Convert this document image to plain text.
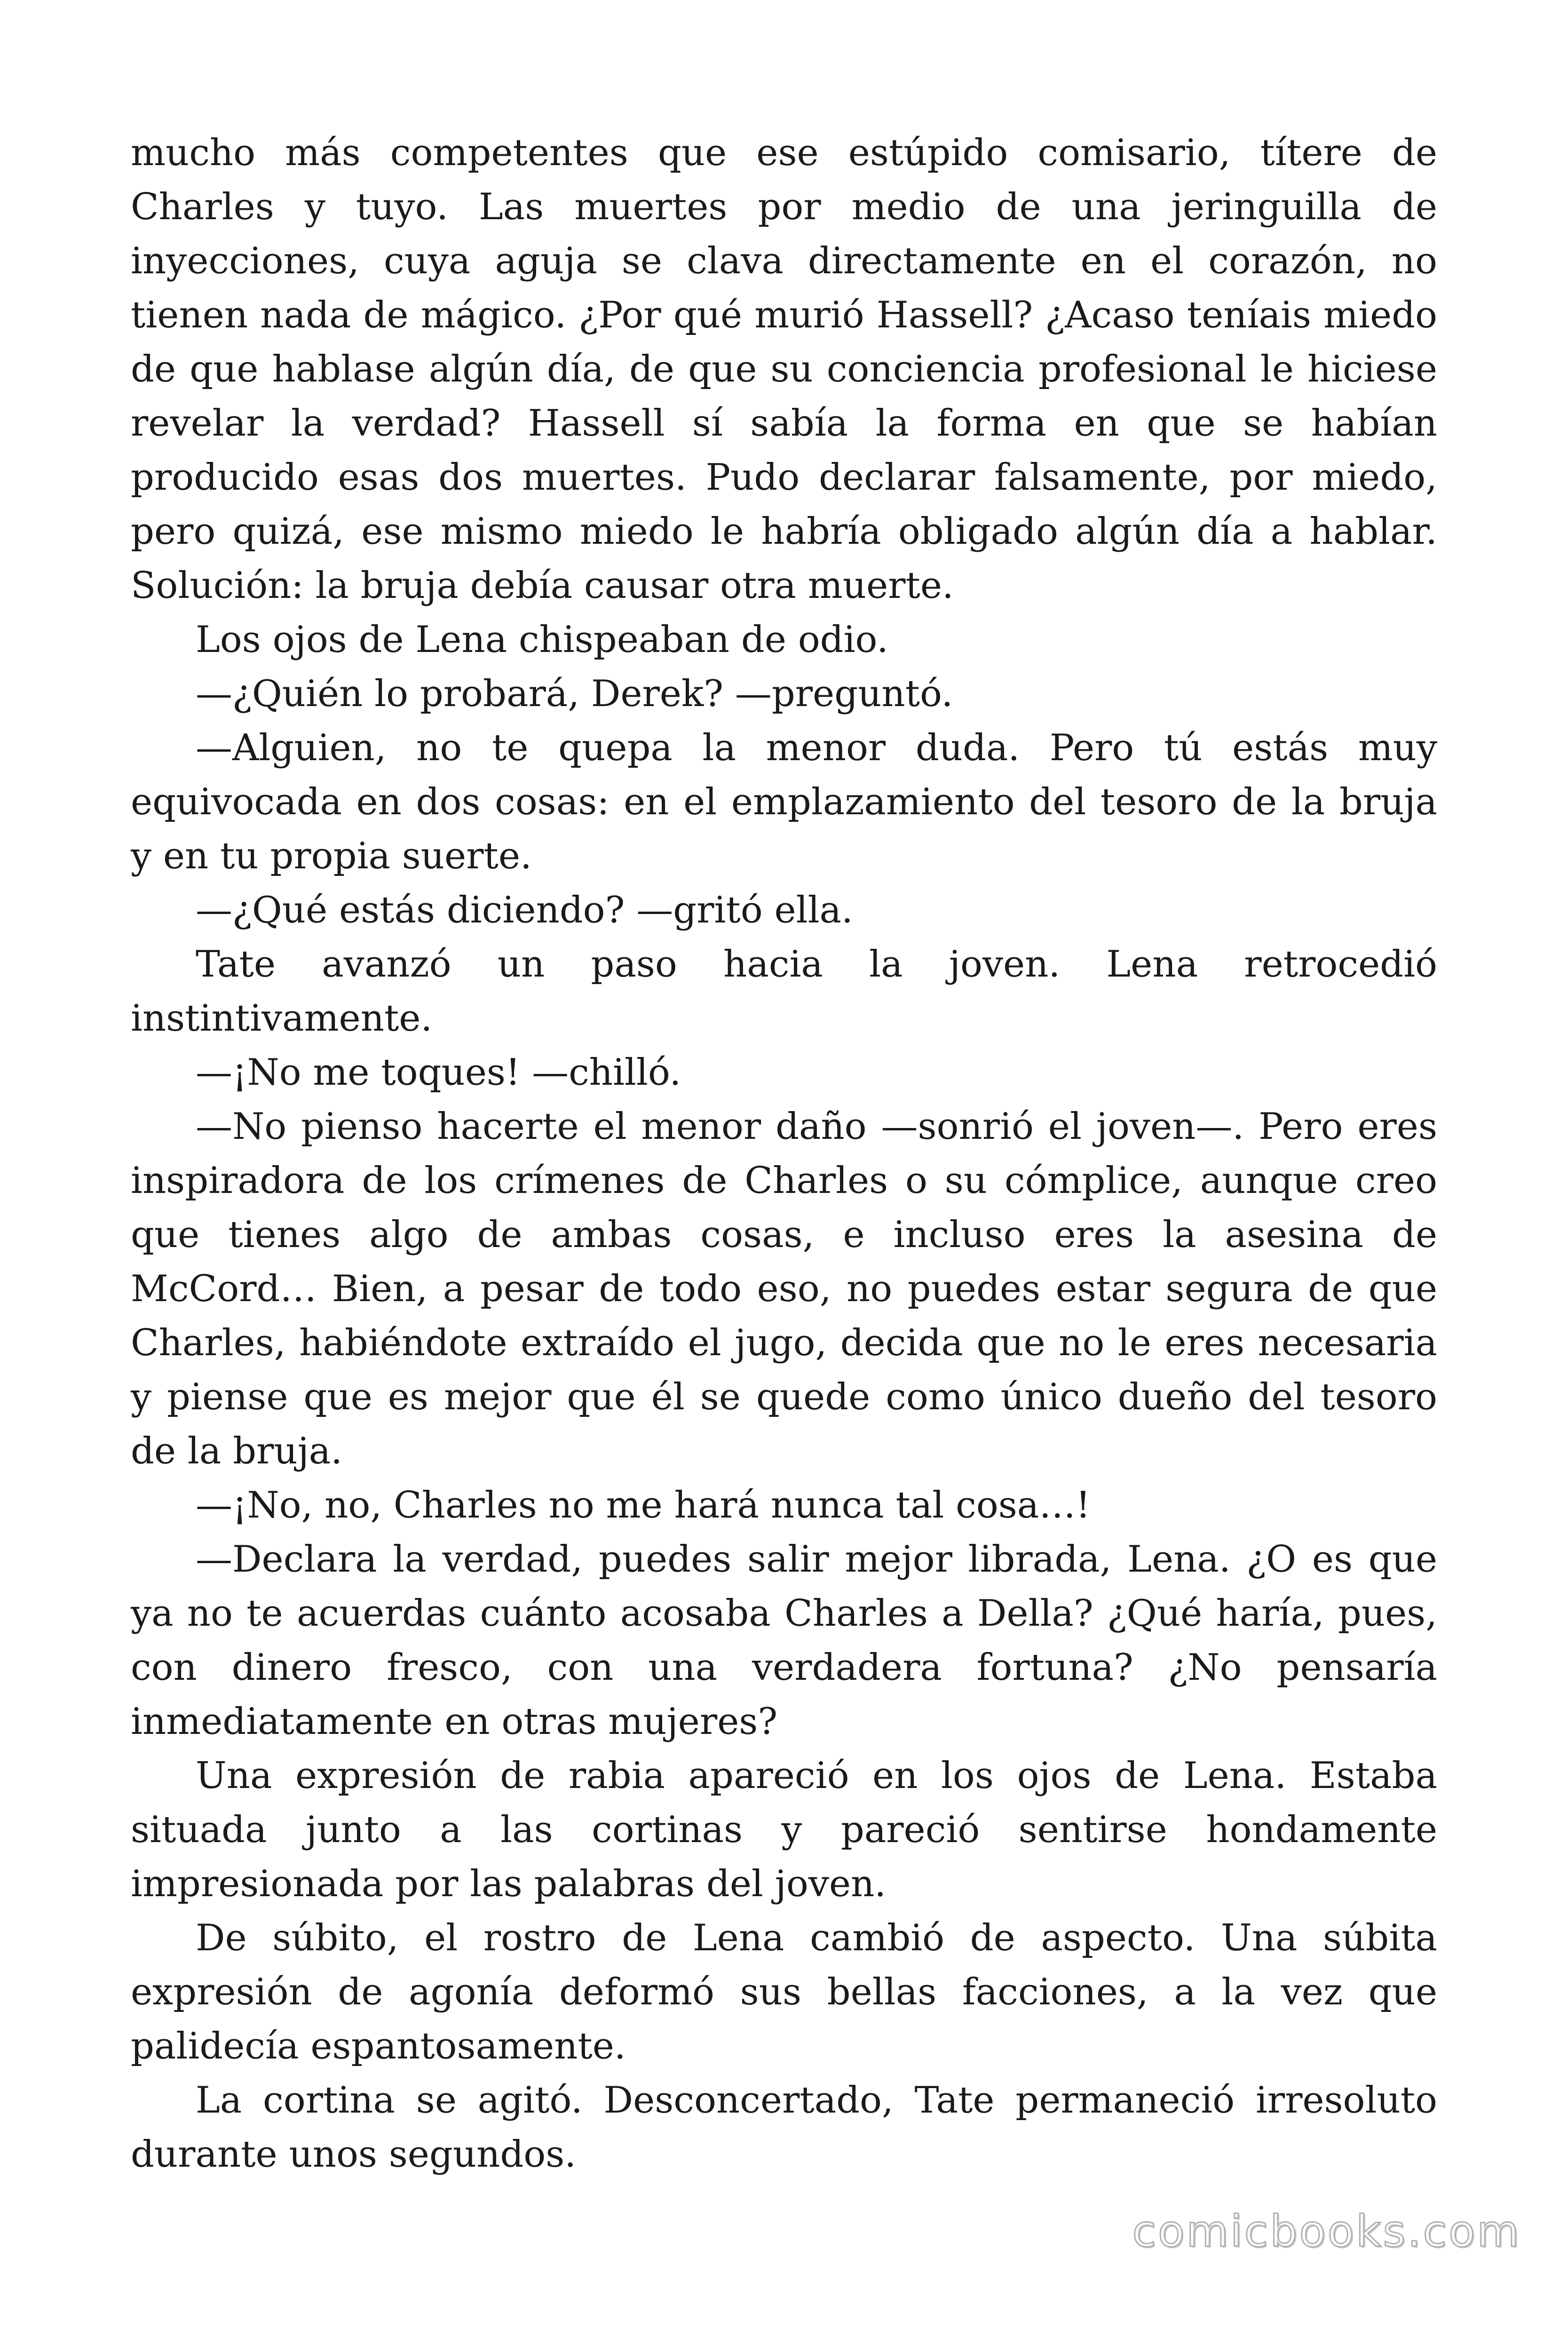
mucho más competentes que ese estúpido comisario, títere de Charles y tuyo. Las muertes por medio de una jeringuilla de inyecciones, cuya aguja se clava directamente en el corazón, no tienen nada de mágico. ¿Por qué murió Hassell? ¿Acaso teníais miedo de que hablase algún día, de que su conciencia profesional le hiciese revelar la verdad? Hassell sí sabía la forma en que se habían producido esas dos muertes. Pudo declarar falsamente, por miedo, pero quizá, ese mismo miedo le habría obligado algún día a hablar. Solución: la bruja debía causar otra muerte.

Los ojos de Lena chispeaban de odio.

—¿Quién lo probará, Derek? —preguntó.

—Alguien, no te quepa la menor duda. Pero tú estás muy equivocada en dos cosas: en el emplazamiento del tesoro de la bruja y en tu propia suerte.

—¿Qué estás diciendo? —gritó ella.

Tate avanzó un paso hacia la joven. Lena retrocedió instintivamente.

—¡No me toques! —chilló.

—No pienso hacerte el menor daño —sonrió el joven—. Pero eres inspiradora de los crímenes de Charles o su cómplice, aunque creo que tienes algo de ambas cosas, e incluso eres la asesina de McCord… Bien, a pesar de todo eso, no puedes estar segura de que Charles, habiéndote extraído el jugo, decida que no le eres necesaria y piense que es mejor que él se quede como único dueño del tesoro de la bruja.

—¡No, no, Charles no me hará nunca tal cosa…!

—Declara la verdad, puedes salir mejor librada, Lena. ¿O es que ya no te acuerdas cuánto acosaba Charles a Della? ¿Qué haría, pues, con dinero fresco, con una verdadera fortuna? ¿No pensaría inmediatamente en otras mujeres?

Una expresión de rabia apareció en los ojos de Lena. Estaba situada junto a las cortinas y pareció sentirse hondamente impresionada por las palabras del joven.

De súbito, el rostro de Lena cambió de aspecto. Una súbita expresión de agonía deformó sus bellas facciones, a la vez que palidecía espantosamente.

La cortina se agitó. Desconcertado, Tate permaneció irresoluto durante unos segundos.

comicbooks.com
